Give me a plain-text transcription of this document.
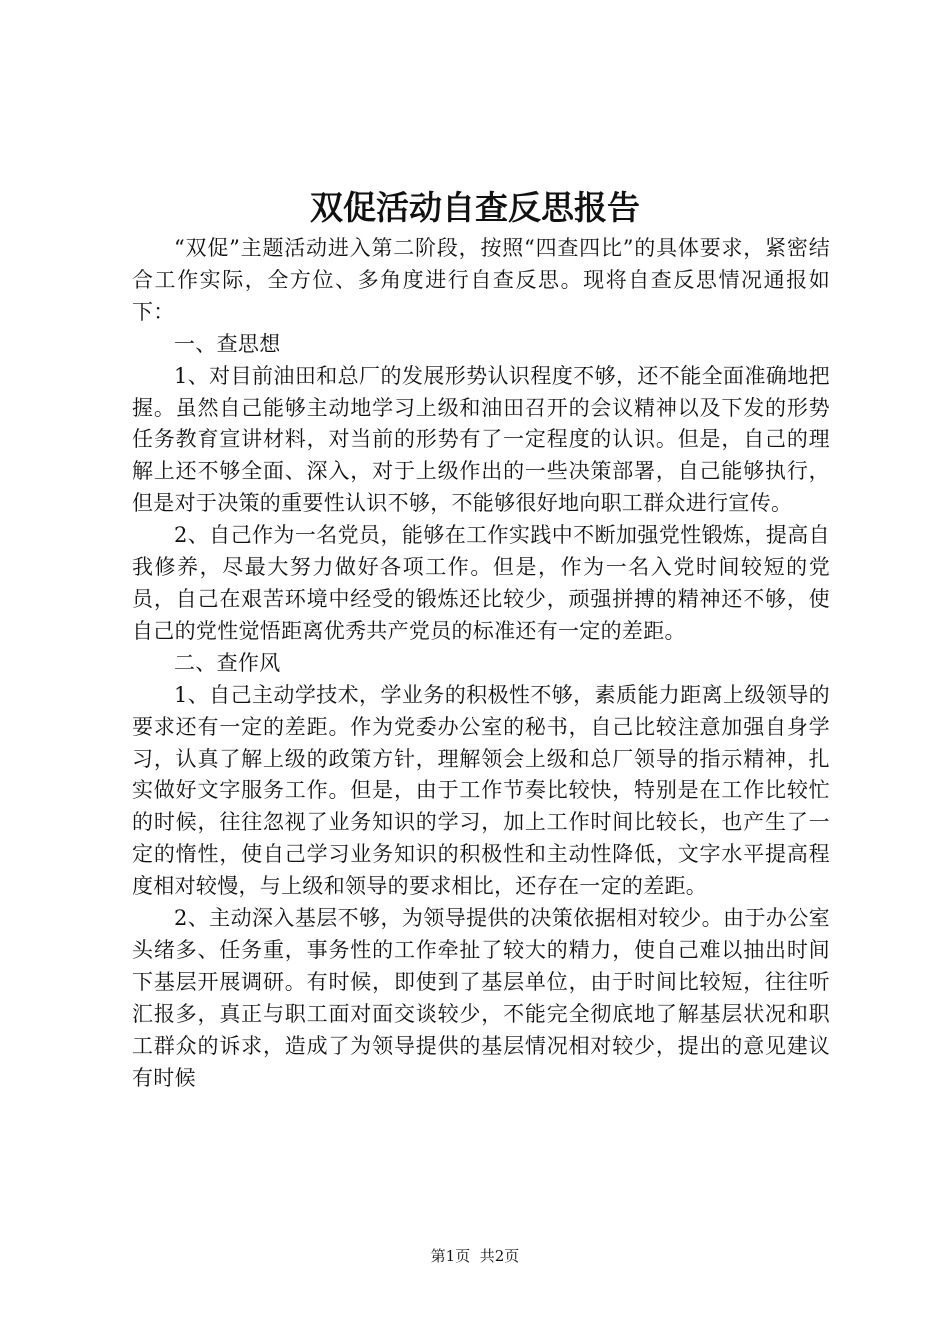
双促活动自查反思报告

“双促”主题活动进入第二阶段，按照“四查四比”的具体要求，紧密结合工作实际，全方位、多角度进行自查反思。现将自查反思情况通报如下：

一、查思想

1、对目前油田和总厂的发展形势认识程度不够，还不能全面准确地把握。虽然自己能够主动地学习上级和油田召开的会议精神以及下发的形势任务教育宣讲材料，对当前的形势有了一定程度的认识。但是，自己的理解上还不够全面、深入，对于上级作出的一些决策部署，自己能够执行，但是对于决策的重要性认识不够，不能够很好地向职工群众进行宣传。

2、自己作为一名党员，能够在工作实践中不断加强党性锻炼，提高自我修养，尽最大努力做好各项工作。但是，作为一名入党时间较短的党员，自己在艰苦环境中经受的锻炼还比较少，顽强拼搏的精神还不够，使自己的党性觉悟距离优秀共产党员的标准还有一定的差距。

二、查作风

1、自己主动学技术，学业务的积极性不够，素质能力距离上级领导的要求还有一定的差距。作为党委办公室的秘书，自己比较注意加强自身学习，认真了解上级的政策方针，理解领会上级和总厂领导的指示精神，扎实做好文字服务工作。但是，由于工作节奏比较快，特别是在工作比较忙的时候，往往忽视了业务知识的学习，加上工作时间比较长，也产生了一定的惰性，使自己学习业务知识的积极性和主动性降低，文字水平提高程度相对较慢，与上级和领导的要求相比，还存在一定的差距。

2、主动深入基层不够，为领导提供的决策依据相对较少。由于办公室头绪多、任务重，事务性的工作牵扯了较大的精力，使自己难以抽出时间下基层开展调研。有时候，即使到了基层单位，由于时间比较短，往往听汇报多，真正与职工面对面交谈较少，不能完全彻底地了解基层状况和职工群众的诉求，造成了为领导提供的基层情况相对较少，提出的意见建议有时候

第1页 共2页
